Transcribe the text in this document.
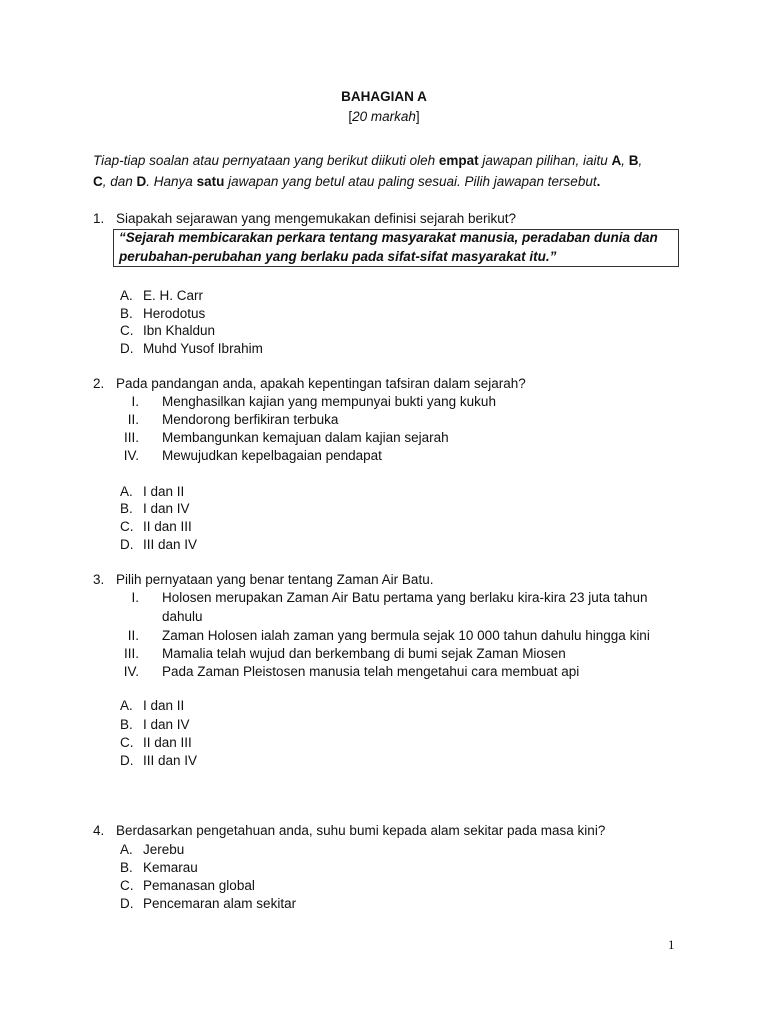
BAHAGIAN A
[20 markah]
Tiap-tiap soalan atau pernyataan yang berikut diikuti oleh empat jawapan pilihan, iaitu A, B,
C, dan D. Hanya satu jawapan yang betul atau paling sesuai. Pilih jawapan tersebut.
1. Siapakah sejarawan yang mengemukakan definisi sejarah berikut?
“Sejarah membicarakan perkara tentang masyarakat manusia, peradaban dunia dan
perubahan-perubahan yang berlaku pada sifat-sifat masyarakat itu.”
A. E. H. Carr
B. Herodotus
C. Ibn Khaldun
D. Muhd Yusof Ibrahim
2. Pada pandangan anda, apakah kepentingan tafsiran dalam sejarah?
I. Menghasilkan kajian yang mempunyai bukti yang kukuh
II. Mendorong berfikiran terbuka
III. Membangunkan kemajuan dalam kajian sejarah
IV. Mewujudkan kepelbagaian pendapat
A. I dan II
B. I dan IV
C. II dan III
D. III dan IV
3. Pilih pernyataan yang benar tentang Zaman Air Batu.
I. Holosen merupakan Zaman Air Batu pertama yang berlaku kira-kira 23 juta tahun
dahulu
II. Zaman Holosen ialah zaman yang bermula sejak 10 000 tahun dahulu hingga kini
III. Mamalia telah wujud dan berkembang di bumi sejak Zaman Miosen
IV. Pada Zaman Pleistosen manusia telah mengetahui cara membuat api
A. I dan II
B. I dan IV
C. II dan III
D. III dan IV
4. Berdasarkan pengetahuan anda, suhu bumi kepada alam sekitar pada masa kini?
A. Jerebu
B. Kemarau
C. Pemanasan global
D. Pencemaran alam sekitar
1
